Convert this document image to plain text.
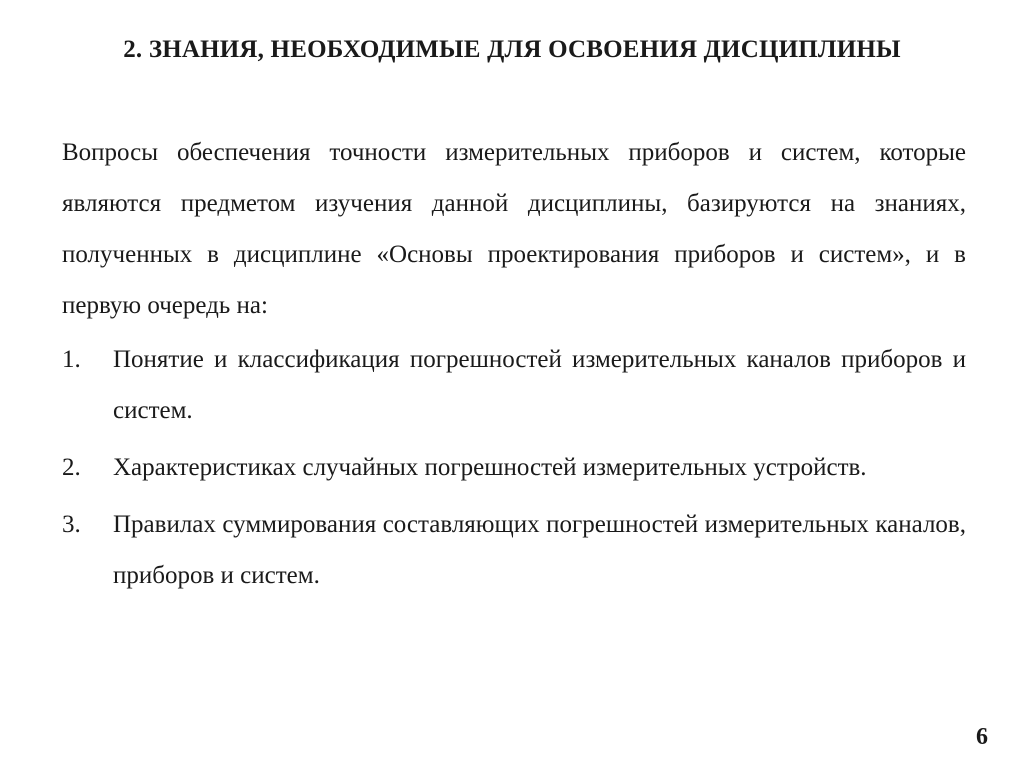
2. ЗНАНИЯ, НЕОБХОДИМЫЕ ДЛЯ ОСВОЕНИЯ ДИСЦИПЛИНЫ

Вопросы обеспечения точности измерительных приборов и систем, которые являются предметом изучения данной дисциплины, базируются на знаниях, полученных в дисциплине «Основы проектирования приборов и систем», и в первую очередь на:

1.	Понятие и классификация погрешностей измерительных каналов приборов и систем.
2.	Характеристиках случайных погрешностей измерительных устройств.
3.	Правилах суммирования составляющих погрешностей измерительных каналов, приборов и систем.
6
